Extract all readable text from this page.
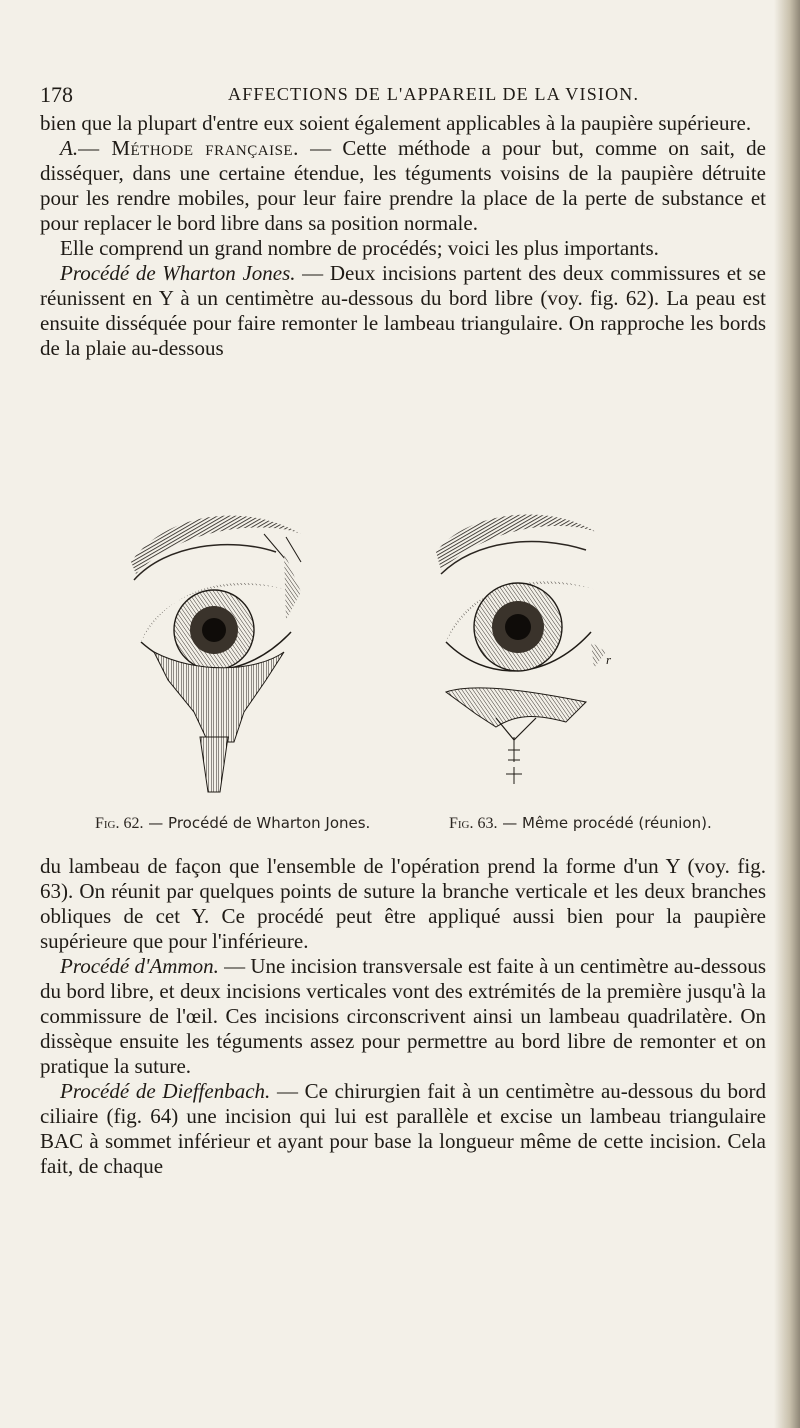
178	AFFECTIONS DE L'APPAREIL DE LA VISION.

bien que la plupart d'entre eux soient également applicables à la paupière supérieure.

A.— Méthode française. — Cette méthode a pour but, comme on sait, de disséquer, dans une certaine étendue, les téguments voisins de la paupière détruite pour les rendre mobiles, pour leur faire prendre la place de la perte de substance et pour replacer le bord libre dans sa position normale.

Elle comprend un grand nombre de procédés; voici les plus importants.

Procédé de Wharton Jones. — Deux incisions partent des deux commissures et se réunissent en Y à un centimètre au-dessous du bord libre (voy. fig. 62). La peau est ensuite disséquée pour faire remonter le lambeau triangulaire. On rapproche les bords de la plaie au-dessous

r
Fig. 62. — Procédé de Wharton Jones.	Fig. 63. — Même procédé (réunion).

du lambeau de façon que l'ensemble de l'opération prend la forme d'un Y (voy. fig. 63). On réunit par quelques points de suture la branche verticale et les deux branches obliques de cet Y. Ce procédé peut être appliqué aussi bien pour la paupière supérieure que pour l'inférieure.

Procédé d'Ammon. — Une incision transversale est faite à un centimètre au-dessous du bord libre, et deux incisions verticales vont des extrémités de la première jusqu'à la commissure de l'œil. Ces incisions circonscrivent ainsi un lambeau quadrilatère. On dissèque ensuite les téguments assez pour permettre au bord libre de remonter et on pratique la suture.

Procédé de Dieffenbach. — Ce chirurgien fait à un centimètre au-dessous du bord ciliaire (fig. 64) une incision qui lui est parallèle et excise un lambeau triangulaire BAC à sommet inférieur et ayant pour base la longueur même de cette incision. Cela fait, de chaque
